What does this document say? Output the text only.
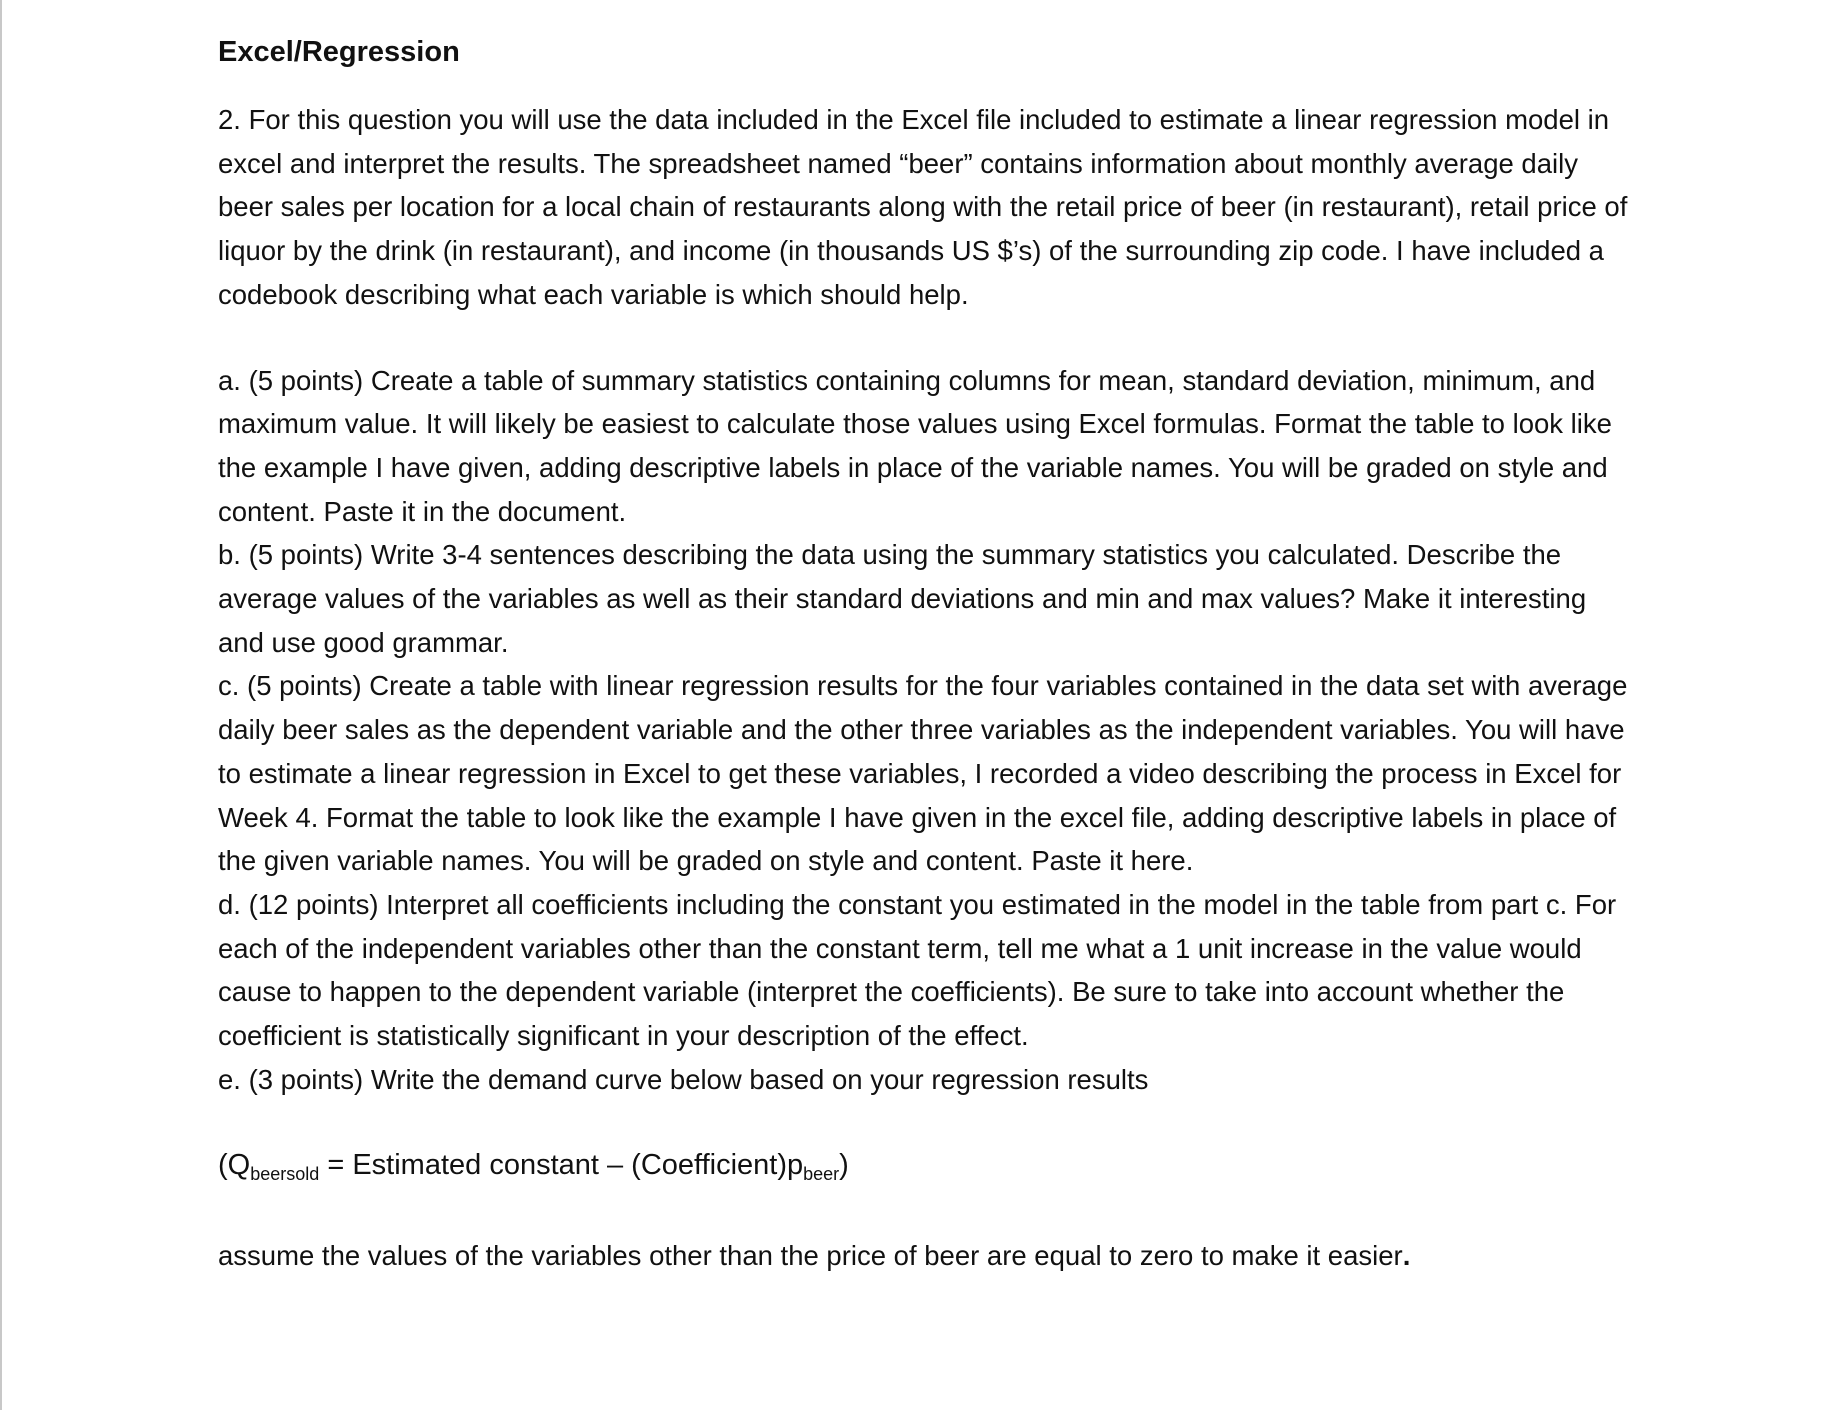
Excel/Regression

2. For this question you will use the data included in the Excel file included to estimate a linear regression model in excel and interpret the results. The spreadsheet named “beer” contains information about monthly average daily beer sales per location for a local chain of restaurants along with the retail price of beer (in restaurant), retail price of liquor by the drink (in restaurant), and income (in thousands US $’s) of the surrounding zip code. I have included a codebook describing what each variable is which should help.

a. (5 points) Create a table of summary statistics containing columns for mean, standard deviation, minimum, and maximum value. It will likely be easiest to calculate those values using Excel formulas. Format the table to look like the example I have given, adding descriptive labels in place of the variable names. You will be graded on style and content. Paste it in the document.

b. (5 points) Write 3-4 sentences describing the data using the summary statistics you calculated. Describe the average values of the variables as well as their standard deviations and min and max values? Make it interesting and use good grammar.

c. (5 points) Create a table with linear regression results for the four variables contained in the data set with average daily beer sales as the dependent variable and the other three variables as the independent variables. You will have to estimate a linear regression in Excel to get these variables, I recorded a video describing the process in Excel for Week 4. Format the table to look like the example I have given in the excel file, adding descriptive labels in place of the given variable names. You will be graded on style and content. Paste it here.

d. (12 points) Interpret all coefficients including the constant you estimated in the model in the table from part c. For each of the independent variables other than the constant term, tell me what a 1 unit increase in the value would cause to happen to the dependent variable (interpret the coefficients). Be sure to take into account whether the coefficient is statistically significant in your description of the effect.

e. (3 points) Write the demand curve below based on your regression results

($Q_{beersold}$ = Estimated constant – $(Coefficient)p_{beer}$)

assume the values of the variables other than the price of beer are equal to zero to make it easier.
